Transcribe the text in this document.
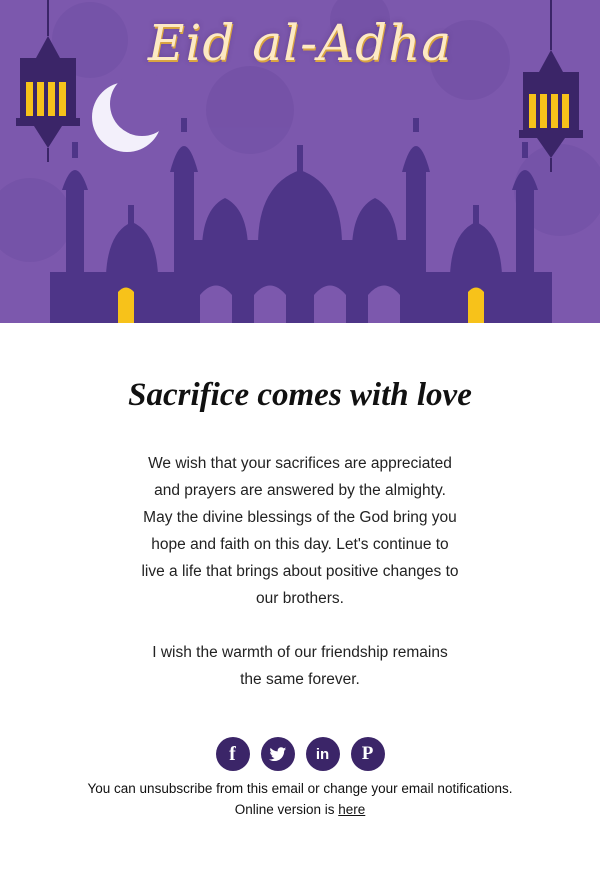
Eid al-Adha
Sacrifice comes with love

We wish that your sacrifices are appreciated and prayers are answered by the almighty. May the divine blessings of the God bring you hope and faith on this day. Let's continue to live a life that brings about positive changes to our brothers.

I wish the warmth of our friendship remains the same forever.

f	in P
You can unsubscribe from this email or change your email notifications.
Online version is here
